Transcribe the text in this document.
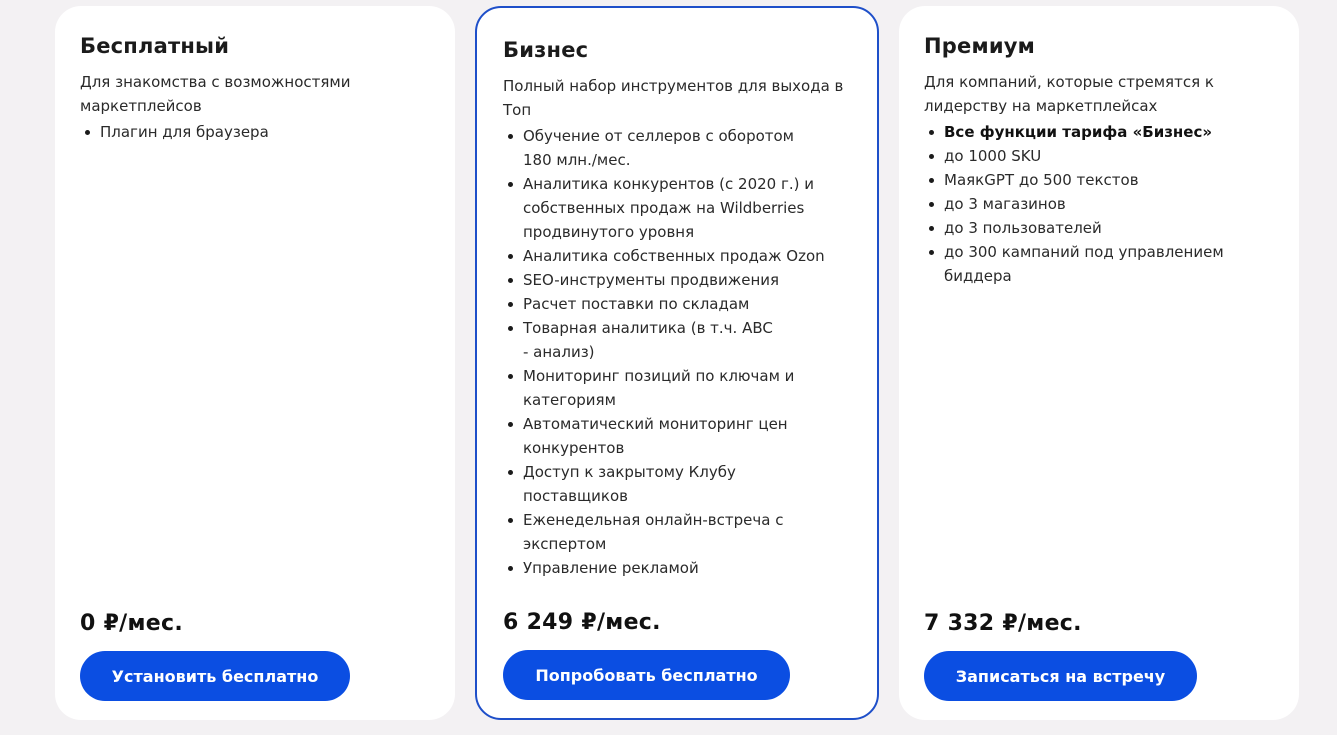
Бесплатный
Для знакомства с возможностями маркетплейсов
Плагин для браузера
0 ₽/мес.
Установить бесплатно
Бизнес
Полный набор инструментов для выхода в Топ
Обучение от селлеров с оборотом 180 млн./мес.
Аналитика конкурентов (с 2020 г.) и собственных продаж на Wildberries продвинутого уровня
Аналитика собственных продаж Ozon
SEO-инструменты продвижения
Расчет поставки по складам
Товарная аналитика (в т.ч. ABC - анализ)
Мониторинг позиций по ключам и категориям
Автоматический мониторинг цен конкурентов
Доступ к закрытому Клубу поставщиков
Еженедельная онлайн-встреча с экспертом
Управление рекламой
6 249 ₽/мес.
Попробовать бесплатно
Премиум
Для компаний, которые стремятся к лидерству на маркетплейсах
Все функции тарифа «Бизнес»
до 1000 SKU
МаякGPT до 500 текстов
до 3 магазинов
до 3 пользователей
до 300 кампаний под управлением биддера
7 332 ₽/мес.
Записаться на встречу
